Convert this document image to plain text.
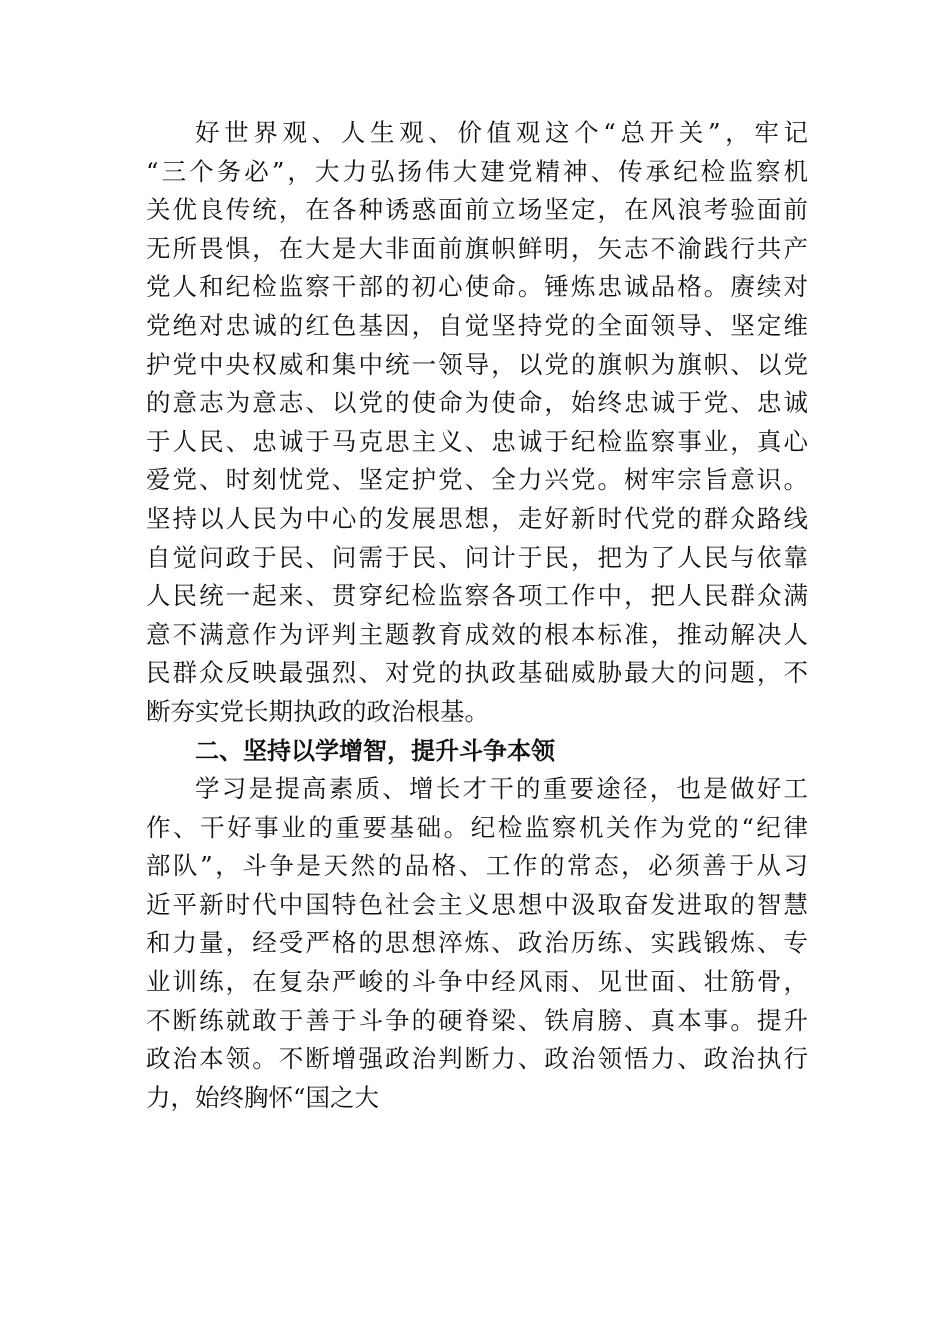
好世界观、人生观、价值观这个“总开关”，牢记
“三个务必”，大力弘扬伟大建党精神、传承纪检监察机
关优良传统，在各种诱惑面前立场坚定，在风浪考验面前
无所畏惧，在大是大非面前旗帜鲜明，矢志不渝践行共产
党人和纪检监察干部的初心使命。锤炼忠诚品格。赓续对
党绝对忠诚的红色基因，自觉坚持党的全面领导、坚定维
护党中央权威和集中统一领导，以党的旗帜为旗帜、以党
的意志为意志、以党的使命为使命，始终忠诚于党、忠诚
于人民、忠诚于马克思主义、忠诚于纪检监察事业，真心
爱党、时刻忧党、坚定护党、全力兴党。树牢宗旨意识。
坚持以人民为中心的发展思想，走好新时代党的群众路线
自觉问政于民、问需于民、问计于民，把为了人民与依靠
人民统一起来、贯穿纪检监察各项工作中，把人民群众满
意不满意作为评判主题教育成效的根本标准，推动解决人
民群众反映最强烈、对党的执政基础威胁最大的问题，不
断夯实党长期执政的政治根基。
二、坚持以学增智，提升斗争本领
学习是提高素质、增长才干的重要途径，也是做好工
作、干好事业的重要基础。纪检监察机关作为党的“纪律
部队”，斗争是天然的品格、工作的常态，必须善于从习
近平新时代中国特色社会主义思想中汲取奋发进取的智慧
和力量，经受严格的思想淬炼、政治历练、实践锻炼、专
业训练，在复杂严峻的斗争中经风雨、见世面、壮筋骨，
不断练就敢于善于斗争的硬脊梁、铁肩膀、真本事。提升
政治本领。不断增强政治判断力、政治领悟力、政治执行
力，始终胸怀“国之大
